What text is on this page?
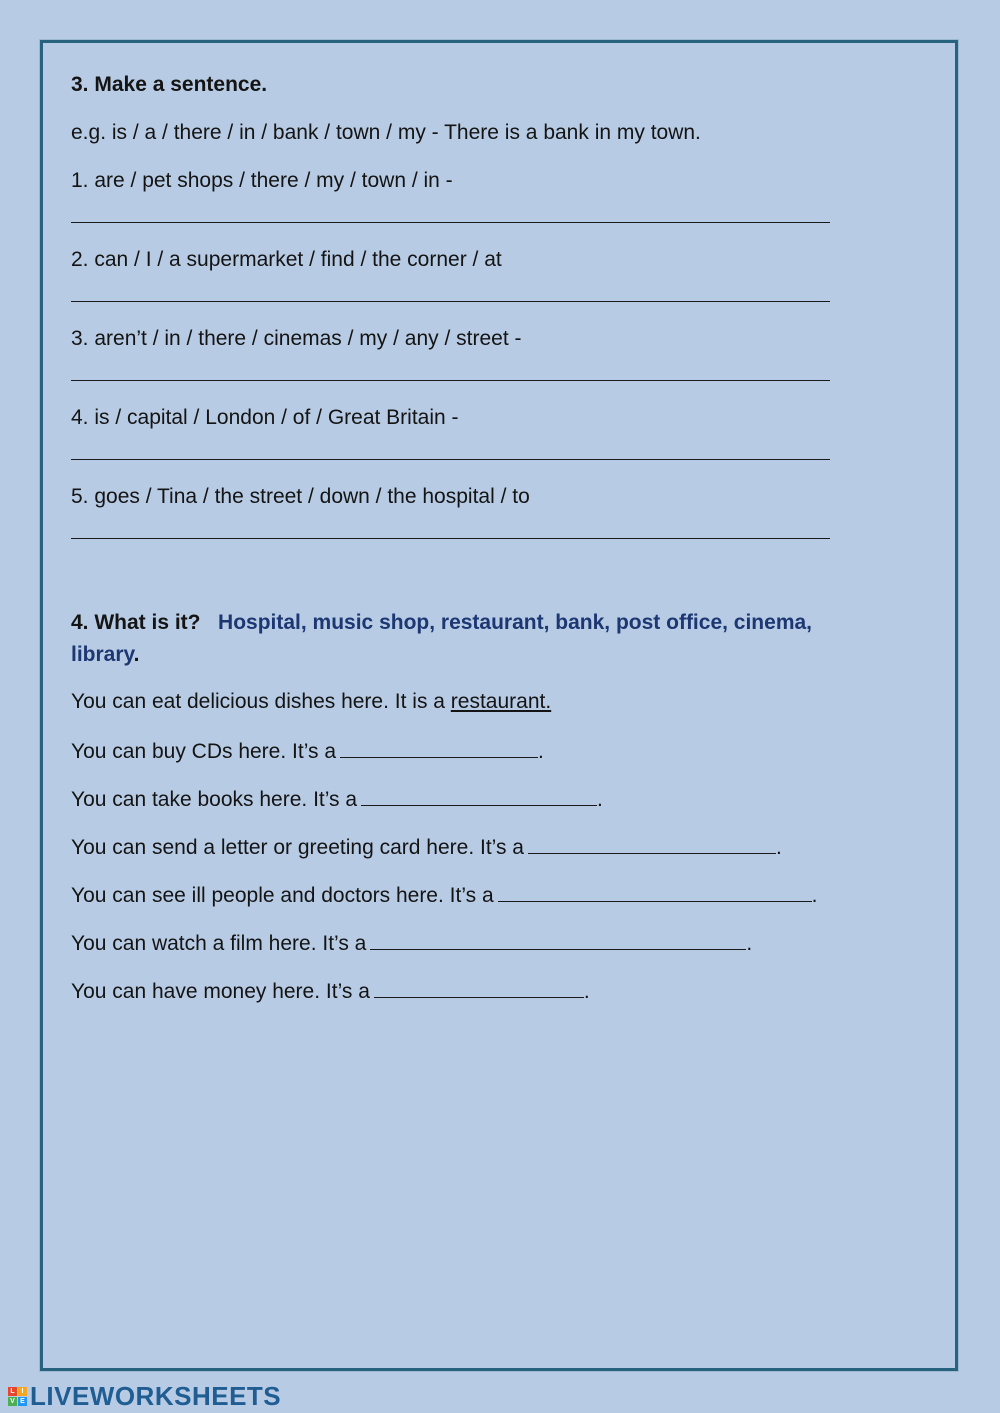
3. Make a sentence.
e.g. is / a / there / in / bank / town / my - There is a bank in my town.
1. are / pet shops / there / my / town / in -
2. can / I / a supermarket / find / the corner / at
3. aren’t / in / there / cinemas / my / any / street -
4. is / capital / London / of / Great Britain -
5. goes / Tina / the street / down / the hospital / to
4. What is it? Hospital, music shop, restaurant, bank, post office, cinema,
library.
You can eat delicious dishes here. It is a restaurant.
You can buy CDs here. It’s a	.
You can take books here. It’s a	.
You can send a letter or greeting card here. It’s a	.
You can see ill people and doctors here. It’s a	.
You can watch a film here. It’s a	.
You can have money here. It’s a	.
L I
V E LIVEWORKSHEETS
